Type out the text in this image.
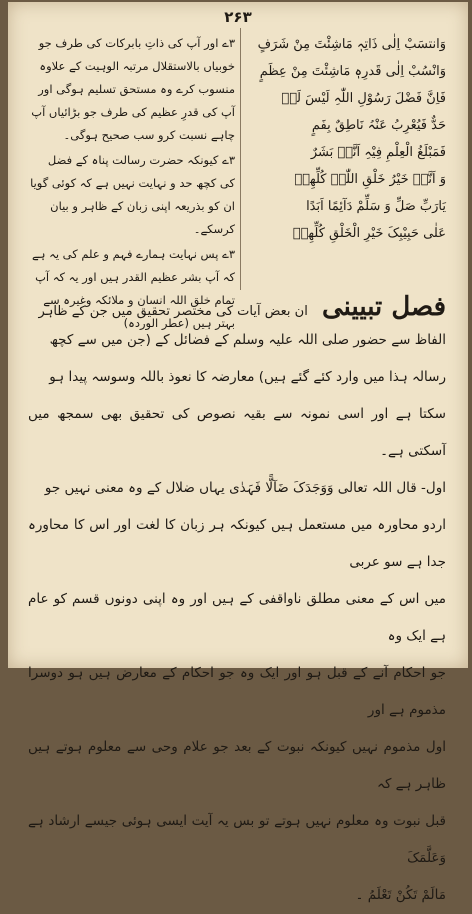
۲۶۳

وَانتسَبْ اِلٰی ذَاتِہٖ مَاشِئْتَ مِنْ شَرَفٍ

وَانْسُبْ اِلٰی قَدرِہٖ مَاشِئْتَ مِنْ عِظَمٍ

فَاِنَّ فَضْلَ رَسُوْلِ اللّٰہِ لَیْسَ لَہٗ

حَدٌّ فَیُعْرِبُ عَنْہُ نَاطِقٌ بِفَمٍ

فَمَبْلَغُ الْعِلْمِ فِیْہِ اَنَّہٗ بَشَرٌ

وَ اَنَّہٗ خَیْرُ خَلْقِ اللّٰہِ کُلِّھِمٖ

یَارَبِّ صَلِّ وَ سَلِّمْ دَآئِمًا اَبَدًا

عَلٰی حَبِیْبِکَ خَیْرِ الْخَلْقِ کُلِّھِمٖ

۳ے اور آپ کی ذاتِ بابرکات کی طرف جو خوبیاں بالاستقلال مرتبہ الوہیت کے علاوہ منسوب کرے وہ مستحق تسلیم ہوگی اور آپ کی قدرِ عظیم کی طرف جو بڑائیاں آپ چاہے نسبت کرو سب صحیح ہوگی۔

۳ے کیونکہ حضرت رسالت پناہ کے فضل کی کچھ حد و نہایت نہیں ہے کہ کوئی گویا ان کو بذریعہ اپنی زبان کے ظاہر و بیان کرسکے۔

۳ے پس نہایت ہمارے فہم و علم کی یہ ہے کہ آپ بشر عظیم القدر ہیں اور یہ کہ آپ تمام خلق اللہ انسان و ملائکہ وغیرہ سے بہتر ہیں (عطر الوردہ)

فصل تبیینی ان بعض آیات کی مختصر تحقیق میں جن کے ظاہر

الفاظ سے حضور صلی اللہ علیہ وسلم کے فضائل کے (جن میں سے کچھ

رسالہ ہذا میں وارد کئے گئے ہیں) معارضہ کا نعوذ باللہ وسوسہ پیدا ہو

سکتا ہے اور اسی نمونہ سے بقیہ نصوص کی تحقیق بھی سمجھ میں آسکتی ہے۔

اول- قال اللہ تعالی وَوَجَدَکَ ضَآلًّا فَہَدٰی یہاں ضلال کے وہ معنی نہیں جو

اردو محاورہ میں مستعمل ہیں کیونکہ ہر زبان کا لغت اور اس کا محاورہ جدا ہے سو عربی

میں اس کے معنی مطلق ناواقفی کے ہیں اور وہ اپنی دونوں قسم کو عام ہے ایک وہ

جو احکام آنے کے قبل ہو اور ایک وہ جو احکام کے معارض ہیں ہو دوسرا مذموم ہے اور

اول مذموم نہیں کیونکہ نبوت کے بعد جو علام وحی سے معلوم ہوتے ہیں ظاہر ہے کہ

قبل نبوت وہ معلوم نہیں ہوتے تو بس یہ آیت ایسی ہوئی جیسے ارشاد ہے وَعَلَّمَکَ

مَالَمْ تَکُنْ تَعْلَمُ ۔
